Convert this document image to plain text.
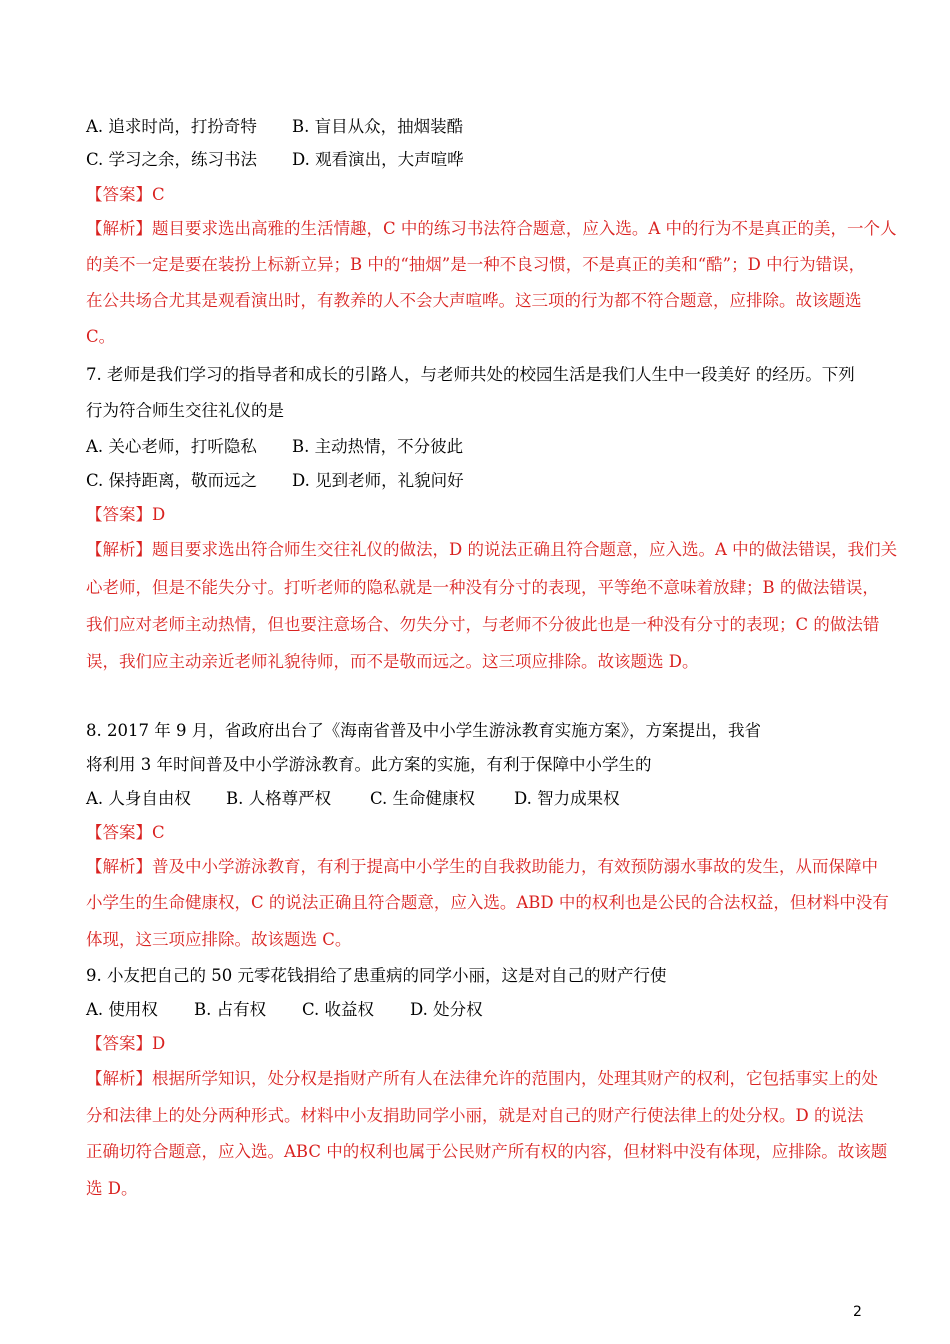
A. 追求时尚，打扮奇特 B. 盲目从众，抽烟装酷
C. 学习之余，练习书法 D. 观看演出，大声喧哗
【答案】C
【解析】题目要求选出高雅的生活情趣，C 中的练习书法符合题意，应入选。A 中的行为不是真正的美，一个人
的美不一定是要在装扮上标新立异；B 中的“抽烟”是一种不良习惯，不是真正的美和“酷”；D 中行为错误，
在公共场合尤其是观看演出时，有教养的人不会大声喧哗。这三项的行为都不符合题意，应排除。故该题选
C。
7. 老师是我们学习的指导者和成长的引路人，与老师共处的校园生活是我们人生中一段美好 的经历。下列
行为符合师生交往礼仪的是
A. 关心老师，打听隐私 B. 主动热情，不分彼此
C. 保持距离，敬而远之 D. 见到老师，礼貌问好
【答案】D
【解析】题目要求选出符合师生交往礼仪的做法，D 的说法正确且符合题意，应入选。A 中的做法错误，我们关
心老师，但是不能失分寸。打听老师的隐私就是一种没有分寸的表现，平等绝不意味着放肆；B 的做法错误，
我们应对老师主动热情，但也要注意场合、勿失分寸，与老师不分彼此也是一种没有分寸的表现；C 的做法错
误，我们应主动亲近老师礼貌待师，而不是敬而远之。这三项应排除。故该题选 D。
8. 2017 年 9 月，省政府出台了《海南省普及中小学生游泳教育实施方案》，方案提出，我省
将利用 3 年时间普及中小学游泳教育。此方案的实施，有利于保障中小学生的
A. 人身自由权 B. 人格尊严权 C. 生命健康权 D. 智力成果权
【答案】C
【解析】普及中小学游泳教育，有利于提高中小学生的自我救助能力，有效预防溺水事故的发生，从而保障中
小学生的生命健康权，C 的说法正确且符合题意，应入选。ABD 中的权利也是公民的合法权益，但材料中没有
体现，这三项应排除。故该题选 C。
9. 小友把自己的 50 元零花钱捐给了患重病的同学小丽，这是对自己的财产行使
A. 使用权 B. 占有权 C. 收益权 D. 处分权
【答案】D
【解析】根据所学知识，处分权是指财产所有人在法律允许的范围内，处理其财产的权利，它包括事实上的处
分和法律上的处分两种形式。材料中小友捐助同学小丽，就是对自己的财产行使法律上的处分权。D 的说法
正确切符合题意，应入选。ABC 中的权利也属于公民财产所有权的内容，但材料中没有体现，应排除。故该题
选 D。
2
